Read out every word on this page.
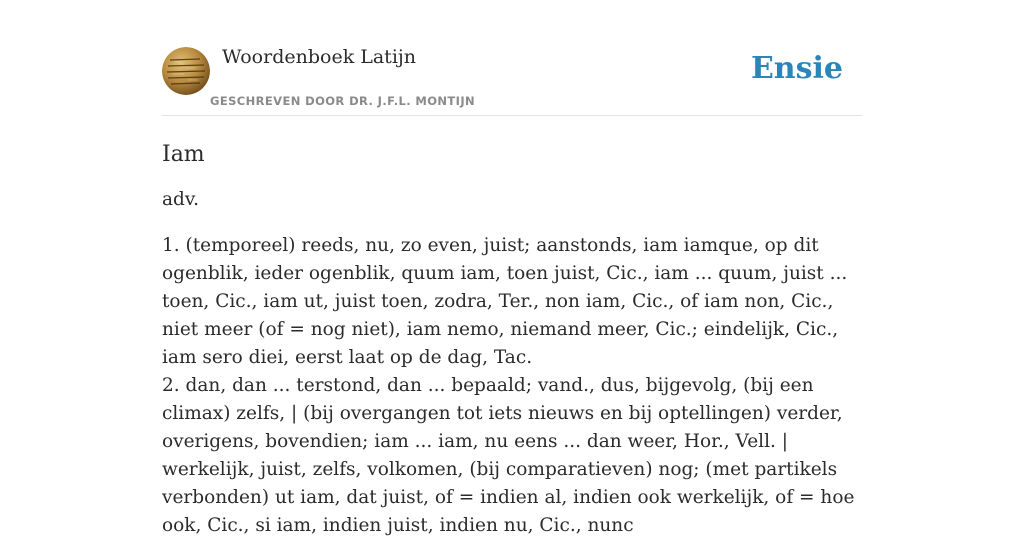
Woordenboek Latijn
GESCHREVEN DOOR DR. J.F.L. MONTIJN
Ensie
Iam
adv.

1. (temporeel) reeds, nu, zo even, juist; aanstonds, iam iamque, op dit ogenblik, ieder ogenblik, quum iam, toen juist, Cic., iam ... quum, juist ... toen, Cic., iam ut, juist toen, zodra, Ter., non iam, Cic., of iam non, Cic., niet meer (of = nog niet), iam nemo, niemand meer, Cic.; eindelijk, Cic., iam sero diei, eerst laat op de dag, Tac.

2. dan, dan ... terstond, dan ... bepaald; vand., dus, bijgevolg, (bij een climax) zelfs, | (bij overgangen tot iets nieuws en bij optellingen) verder, overigens, bovendien; iam ... iam, nu eens ... dan weer, Hor., Vell. | werkelijk, juist, zelfs, volkomen, (bij comparatieven) nog; (met partikels verbonden) ut iam, dat juist, of = indien al, indien ook werkelijk, of = hoe ook, Cic., si iam, indien juist, indien nu, Cic., nunc
